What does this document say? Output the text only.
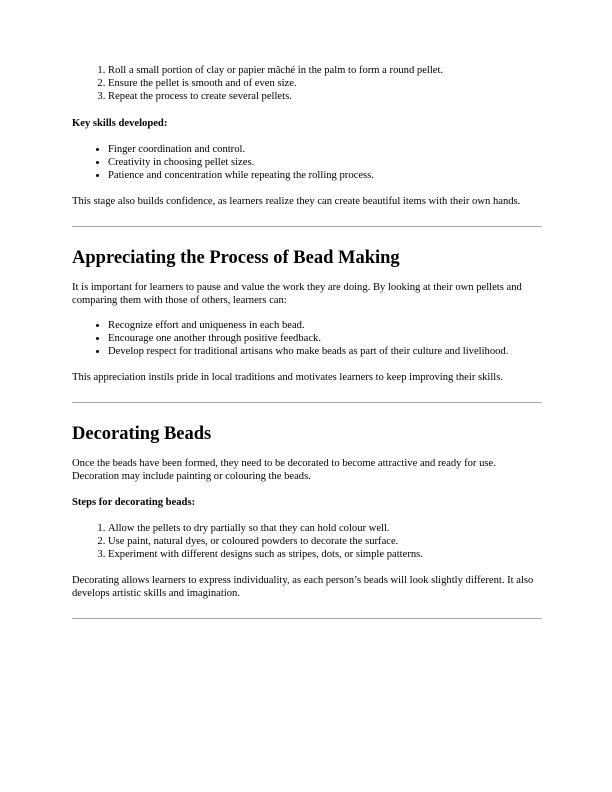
1. Roll a small portion of clay or papier mâché in the palm to form a round pellet.
2. Ensure the pellet is smooth and of even size.
3. Repeat the process to create several pellets.

Key skills developed:

• Finger coordination and control.
• Creativity in choosing pellet sizes.
• Patience and concentration while repeating the rolling process.

This stage also builds confidence, as learners realize they can create beautiful items with their own hands.

Appreciating the Process of Bead Making

It is important for learners to pause and value the work they are doing. By looking at their own pellets and comparing them with those of others, learners can:

• Recognize effort and uniqueness in each bead.
• Encourage one another through positive feedback.
• Develop respect for traditional artisans who make beads as part of their culture and livelihood.

This appreciation instils pride in local traditions and motivates learners to keep improving their skills.

Decorating Beads

Once the beads have been formed, they need to be decorated to become attractive and ready for use. Decoration may include painting or colouring the beads.

Steps for decorating beads:

1. Allow the pellets to dry partially so that they can hold colour well.
2. Use paint, natural dyes, or coloured powders to decorate the surface.
3. Experiment with different designs such as stripes, dots, or simple patterns.

Decorating allows learners to express individuality, as each person’s beads will look slightly different. It also develops artistic skills and imagination.
